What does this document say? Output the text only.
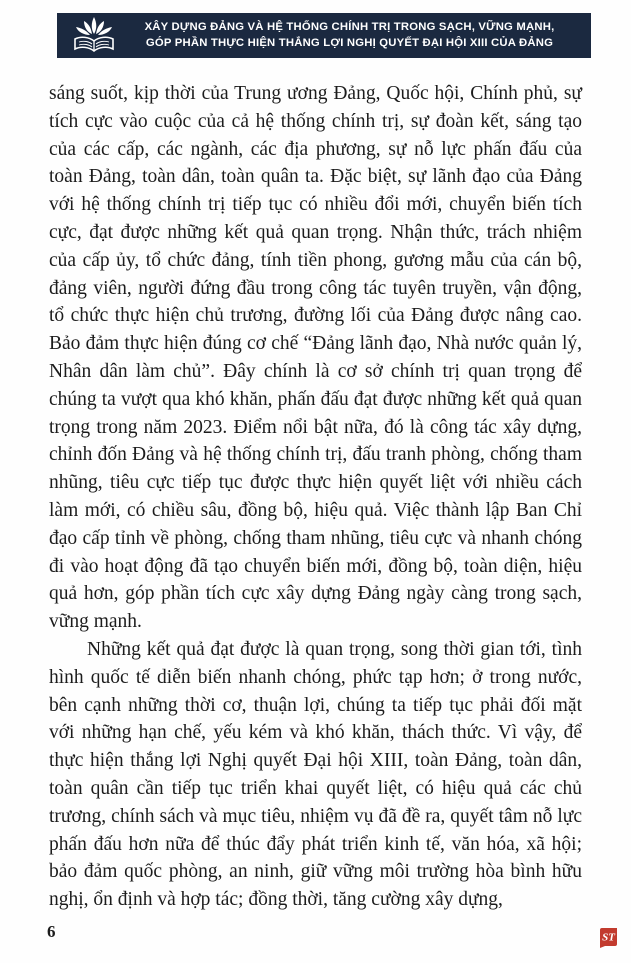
XÂY DỰNG ĐẢNG VÀ HỆ THỐNG CHÍNH TRỊ TRONG SẠCH, VỮNG MẠNH,
GÓP PHẦN THỰC HIỆN THẮNG LỢI NGHỊ QUYẾT ĐẠI HỘI XIII CỦA ĐẢNG

sáng suốt, kịp thời của Trung ương Đảng, Quốc hội, Chính phủ, sự tích cực vào cuộc của cả hệ thống chính trị, sự đoàn kết, sáng tạo của các cấp, các ngành, các địa phương, sự nỗ lực phấn đấu của toàn Đảng, toàn dân, toàn quân ta. Đặc biệt, sự lãnh đạo của Đảng với hệ thống chính trị tiếp tục có nhiều đổi mới, chuyển biến tích cực, đạt được những kết quả quan trọng. Nhận thức, trách nhiệm của cấp ủy, tổ chức đảng, tính tiền phong, gương mẫu của cán bộ, đảng viên, người đứng đầu trong công tác tuyên truyền, vận động, tổ chức thực hiện chủ trương, đường lối của Đảng được nâng cao. Bảo đảm thực hiện đúng cơ chế “Đảng lãnh đạo, Nhà nước quản lý, Nhân dân làm chủ”. Đây chính là cơ sở chính trị quan trọng để chúng ta vượt qua khó khăn, phấn đấu đạt được những kết quả quan trọng trong năm 2023. Điểm nổi bật nữa, đó là công tác xây dựng, chỉnh đốn Đảng và hệ thống chính trị, đấu tranh phòng, chống tham nhũng, tiêu cực tiếp tục được thực hiện quyết liệt với nhiều cách làm mới, có chiều sâu, đồng bộ, hiệu quả. Việc thành lập Ban Chỉ đạo cấp tỉnh về phòng, chống tham nhũng, tiêu cực và nhanh chóng đi vào hoạt động đã tạo chuyển biến mới, đồng bộ, toàn diện, hiệu quả hơn, góp phần tích cực xây dựng Đảng ngày càng trong sạch, vững mạnh.

Những kết quả đạt được là quan trọng, song thời gian tới, tình hình quốc tế diễn biến nhanh chóng, phức tạp hơn; ở trong nước, bên cạnh những thời cơ, thuận lợi, chúng ta tiếp tục phải đối mặt với những hạn chế, yếu kém và khó khăn, thách thức. Vì vậy, để thực hiện thắng lợi Nghị quyết Đại hội XIII, toàn Đảng, toàn dân, toàn quân cần tiếp tục triển khai quyết liệt, có hiệu quả các chủ trương, chính sách và mục tiêu, nhiệm vụ đã đề ra, quyết tâm nỗ lực phấn đấu hơn nữa để thúc đẩy phát triển kinh tế, văn hóa, xã hội; bảo đảm quốc phòng, an ninh, giữ vững môi trường hòa bình hữu nghị, ổn định và hợp tác; đồng thời, tăng cường xây dựng,

6	ST
